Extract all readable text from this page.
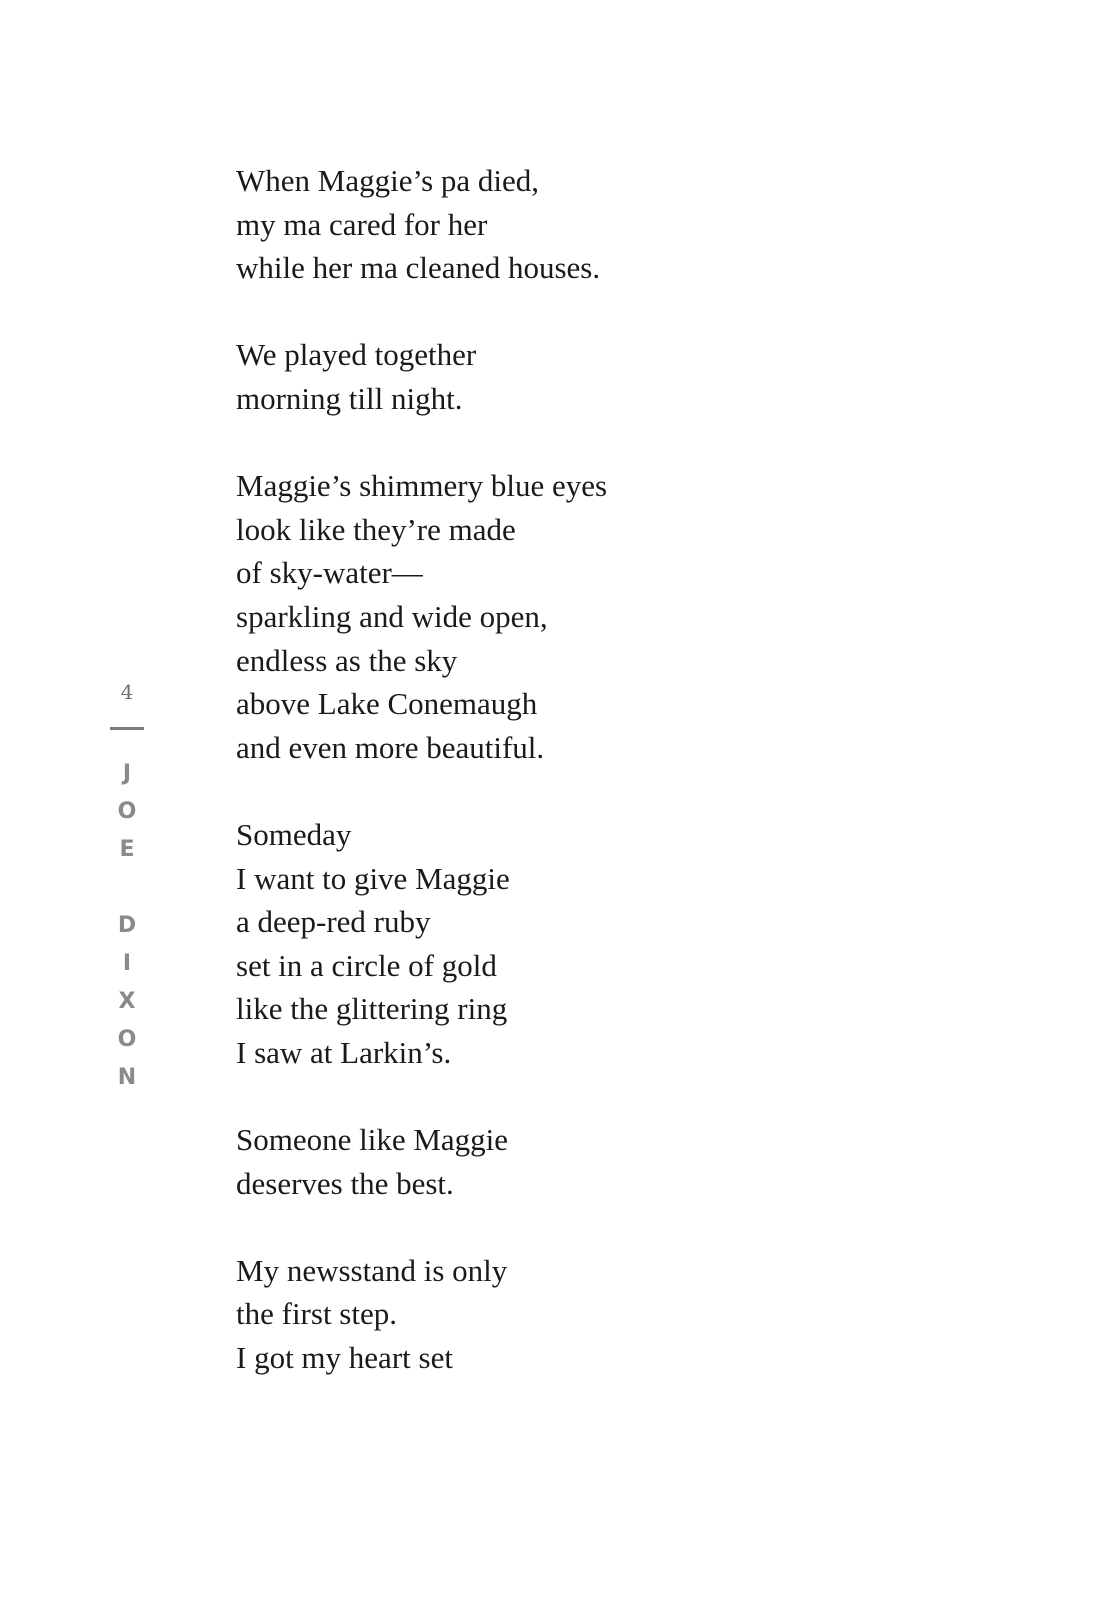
4
J
O
E
D
I
X
O
N
When Maggie’s pa died,
my ma cared for her
while her ma cleaned houses.
We played together
morning till night.
Maggie’s shimmery blue eyes
look like they’re made
of sky-water—
sparkling and wide open,
endless as the sky
above Lake Conemaugh
and even more beautiful.
Someday
I want to give Maggie
a deep-red ruby
set in a circle of gold
like the glittering ring
I saw at Larkin’s.
Someone like Maggie
deserves the best.
My newsstand is only
the first step.
I got my heart set
